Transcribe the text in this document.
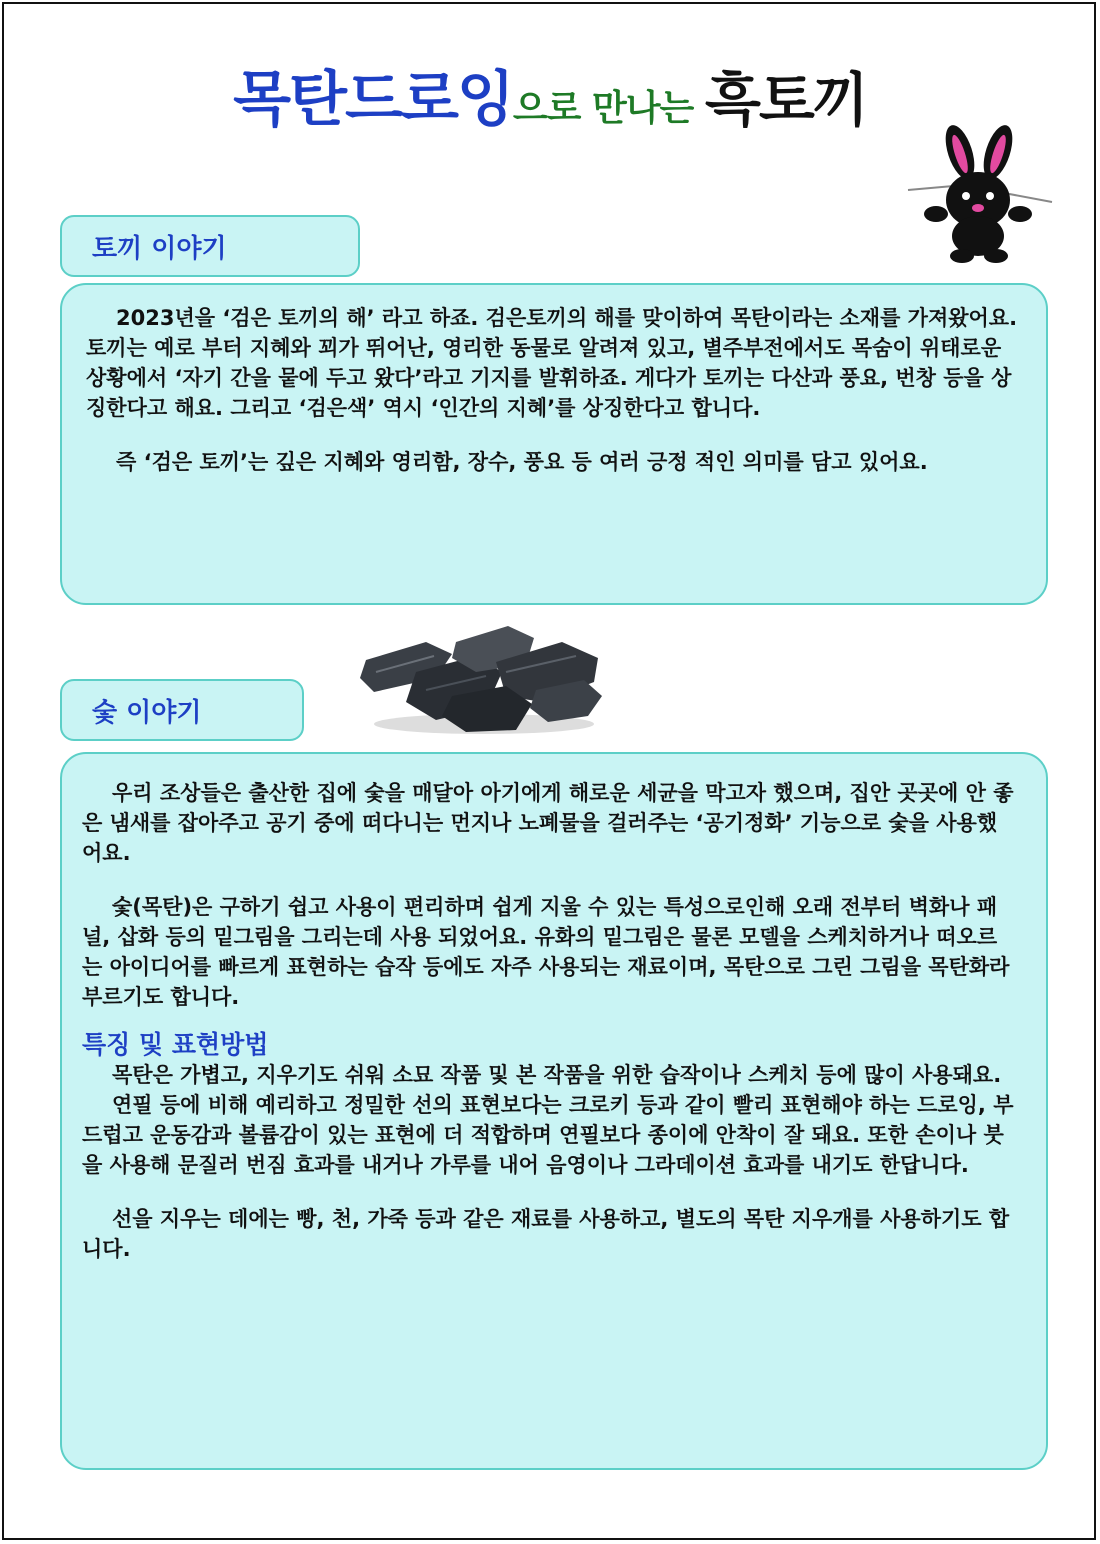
목탄드로잉으로 만나는 흑토끼
토끼 이야기

2023년을 ‘검은 토끼의 해’ 라고 하죠. 검은토끼의 해를 맞이하여 목탄이라는 소재를 가져왔어요. 토끼는 예로 부터 지혜와 꾀가 뛰어난, 영리한 동물로 알려져 있고, 별주부전에서도 목숨이 위태로운 상황에서 ‘자기 간을 뭍에 두고 왔다’라고 기지를 발휘하죠. 게다가 토끼는 다산과 풍요, 번창 등을 상징한다고 해요. 그리고 ‘검은색’ 역시 ‘인간의 지혜’를 상징한다고 합니다.

즉 ‘검은 토끼’는 깊은 지혜와 영리함, 장수, 풍요 등 여러 긍정 적인 의미를 담고 있어요.

숯 이야기

우리 조상들은 출산한 집에 숯을 매달아 아기에게 해로운 세균을 막고자 했으며, 집안 곳곳에 안 좋은 냄새를 잡아주고 공기 중에 떠다니는 먼지나 노폐물을 걸러주는 ‘공기정화’ 기능으로 숯을 사용했어요.

숯(목탄)은 구하기 쉽고 사용이 편리하며 쉽게 지울 수 있는 특성으로인해 오래 전부터 벽화나 패널, 삽화 등의 밑그림을 그리는데 사용 되었어요. 유화의 밑그림은 물론 모델을 스케치하거나 떠오르는 아이디어를 빠르게 표현하는 습작 등에도 자주 사용되는 재료이며, 목탄으로 그린 그림을 목탄화라 부르기도 합니다.

특징 및 표현방법

목탄은 가볍고, 지우기도 쉬워 소묘 작품 및 본 작품을 위한 습작이나 스케치 등에 많이 사용돼요.

연필 등에 비해 예리하고 정밀한 선의 표현보다는 크로키 등과 같이 빨리 표현해야 하는 드로잉, 부드럽고 운동감과 볼륨감이 있는 표현에 더 적합하며 연필보다 종이에 안착이 잘 돼요. 또한 손이나 붓을 사용해 문질러 번짐 효과를 내거나 가루를 내어 음영이나 그라데이션 효과를 내기도 한답니다.

선을 지우는 데에는 빵, 천, 가죽 등과 같은 재료를 사용하고, 별도의 목탄 지우개를 사용하기도 합니다.
